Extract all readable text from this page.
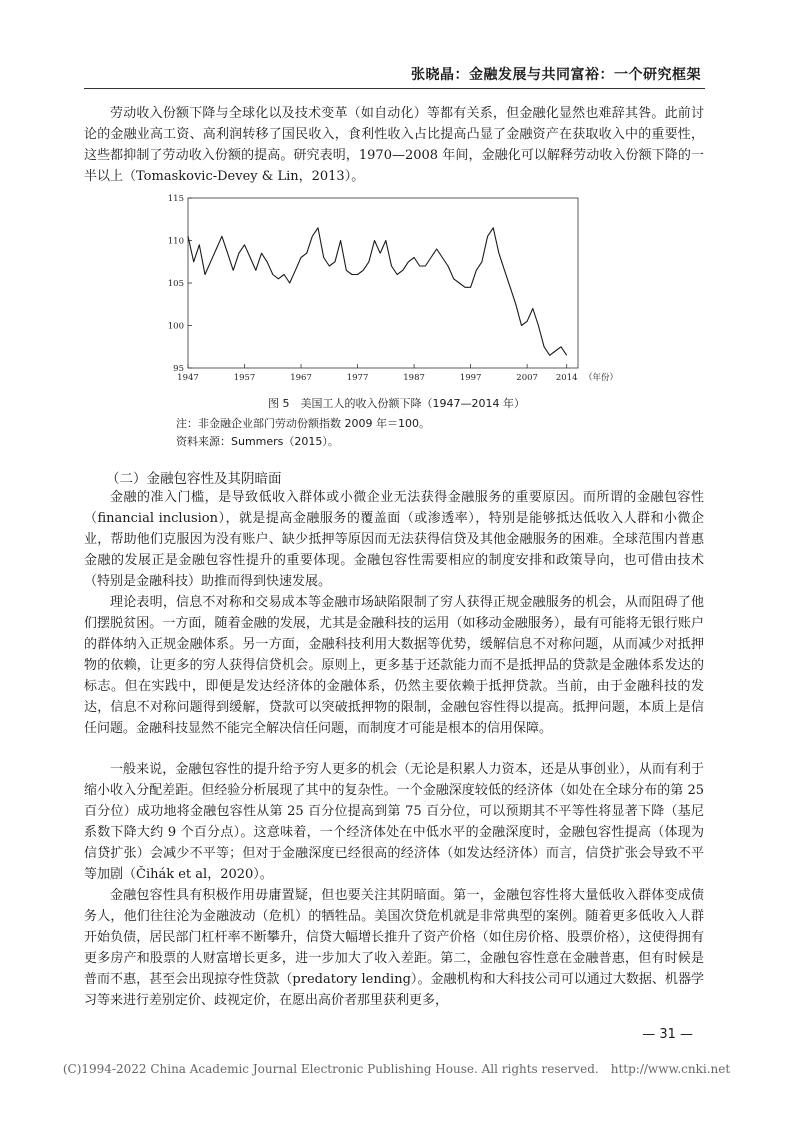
张晓晶：金融发展与共同富裕：一个研究框架

劳动收入份额下降与全球化以及技术变革（如自动化）等都有关系，但金融化显然也难辞其咎。此前讨论的金融业高工资、高利润转移了国民收入，食利性收入占比提高凸显了金融资产在获取收入中的重要性，这些都抑制了劳动收入份额的提高。研究表明，1970—2008 年间，金融化可以解释劳动收入份额下降的一半以上（Tomaskovic-Devey & Lin，2013）。

95
100
105
110
115
1947	1957	1967	1977	1987	1997	2007 2014 （年份）
图 5　美国工人的收入份额下降（1947—2014 年）
注：非金融企业部门劳动份额指数 2009 年＝100。
资料来源：Summers（2015）。
（二）金融包容性及其阴暗面

金融的准入门槛，是导致低收入群体或小微企业无法获得金融服务的重要原因。而所谓的金融包容性（financial inclusion），就是提高金融服务的覆盖面（或渗透率），特别是能够抵达低收入人群和小微企业，帮助他们克服因为没有账户、缺少抵押等原因而无法获得信贷及其他金融服务的困难。全球范围内普惠金融的发展正是金融包容性提升的重要体现。金融包容性需要相应的制度安排和政策导向，也可借由技术（特别是金融科技）助推而得到快速发展。

理论表明，信息不对称和交易成本等金融市场缺陷限制了穷人获得正规金融服务的机会，从而阻碍了他们摆脱贫困。一方面，随着金融的发展，尤其是金融科技的运用（如移动金融服务），最有可能将无银行账户的群体纳入正规金融体系。另一方面，金融科技利用大数据等优势，缓解信息不对称问题，从而减少对抵押物的依赖，让更多的穷人获得信贷机会。原则上，更多基于还款能力而不是抵押品的贷款是金融体系发达的标志。但在实践中，即便是发达经济体的金融体系，仍然主要依赖于抵押贷款。当前，由于金融科技的发达，信息不对称问题得到缓解，贷款可以突破抵押物的限制，金融包容性得以提高。抵押问题，本质上是信任问题。金融科技显然不能完全解决信任问题，而制度才可能是根本的信用保障。

一般来说，金融包容性的提升给予穷人更多的机会（无论是积累人力资本，还是从事创业），从而有利于缩小收入分配差距。但经验分析展现了其中的复杂性。一个金融深度较低的经济体（如处在全球分布的第 25 百分位）成功地将金融包容性从第 25 百分位提高到第 75 百分位，可以预期其不平等性将显著下降（基尼系数下降大约 9 个百分点）。这意味着，一个经济体处在中低水平的金融深度时，金融包容性提高（体现为信贷扩张）会减少不平等；但对于金融深度已经很高的经济体（如发达经济体）而言，信贷扩张会导致不平等加剧（Čihák et al，2020）。

金融包容性具有积极作用毋庸置疑，但也要关注其阴暗面。第一，金融包容性将大量低收入群体变成债务人，他们往往沦为金融波动（危机）的牺牲品。美国次贷危机就是非常典型的案例。随着更多低收入人群开始负债，居民部门杠杆率不断攀升，信贷大幅增长推升了资产价格（如住房价格、股票价格），这使得拥有更多房产和股票的人财富增长更多，进一步加大了收入差距。第二，金融包容性意在金融普惠，但有时候是普而不惠，甚至会出现掠夺性贷款（predatory lending）。金融机构和大科技公司可以通过大数据、机器学习等来进行差别定价、歧视定价，在愿出高价者那里获利更多，

— 31 —
(C)1994-2022 China Academic Journal Electronic Publishing House. All rights reserved.　http://www.cnki.net
